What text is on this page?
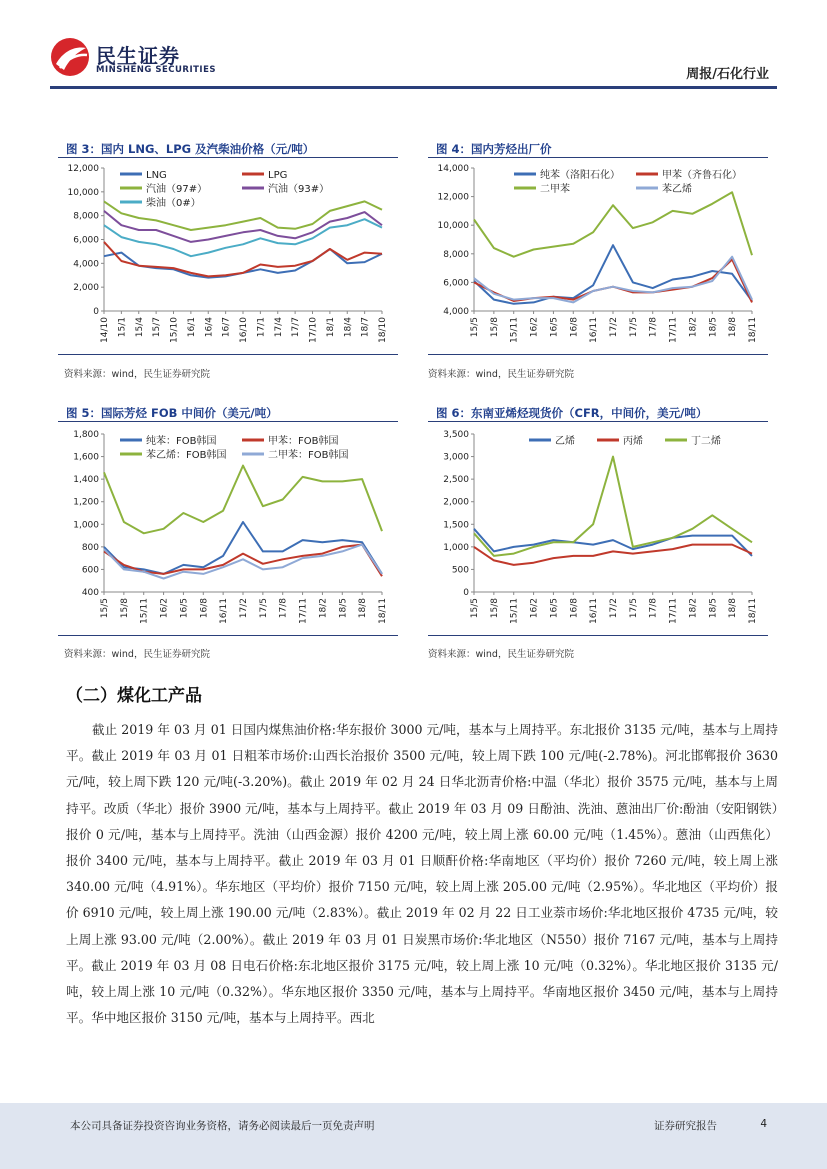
民生证券
MINSHENG SECURITIES	周报/石化行业
图 3：国内 LNG、LPG 及汽柴油价格（元/吨）
0
2,000
4,000
6,000
8,000
10,000
12,000
14/10 15/1 15/4 15/7 15/10 16/1 16/4 16/7 16/10 17/1 17/4 17/7 17/10 18/1 18/4 18/7 18/10
LNG	LPG
汽油（97#）	汽油（93#）
柴油（0#）
资料来源：wind，民生证券研究院
图 4：国内芳烃出厂价
4,000
6,000
8,000
10,000
12,000
14,000
15/5 15/8 15/11 16/2 16/5 16/8 16/11 17/2 17/5 17/8 17/11 18/2 18/5 18/8 18/11
纯苯（洛阳石化）	甲苯（齐鲁石化）
二甲苯	苯乙烯
资料来源：wind，民生证券研究院
图 5：国际芳烃 FOB 中间价（美元/吨）
400
600
800
1,000
1,200
1,400
1,600
1,800
15/5 15/8 15/11 16/2 16/5 16/8 16/11 17/2 17/5 17/8 17/11 18/2 18/5 18/8 18/11
纯苯：FOB韩国	甲苯：FOB韩国
苯乙烯：FOB韩国	二甲苯：FOB韩国
资料来源：wind，民生证券研究院
图 6：东南亚烯烃现货价（CFR，中间价，美元/吨）
0
500
1,000
1,500
2,000
2,500
3,000
3,500
15/5 15/8 15/11 16/2 16/5 16/8 16/11 17/2 17/5 17/8 17/11 18/2 18/5 18/8 18/11
乙烯	丙烯	丁二烯
资料来源：wind，民生证券研究院
（二）煤化工产品
截止 2019 年 03 月 01 日国内煤焦油价格:华东报价 3000 元/吨，基本与上周持平。东北报价 3135 元/吨，基本与上周持平。截止 2019 年 03 月 01 日粗苯市场价:山西长治报价 3500 元/吨，较上周下跌 100 元/吨(-2.78%)。河北邯郸报价 3630 元/吨，较上周下跌 120 元/吨(-3.20%)。截止 2019 年 02 月 24 日华北沥青价格:中温（华北）报价 3575 元/吨，基本与上周持平。改质（华北）报价 3900 元/吨，基本与上周持平。截止 2019 年 03 月 09 日酚油、洗油、蒽油出厂价:酚油（安阳钢铁）报价 0 元/吨，基本与上周持平。洗油（山西金源）报价 4200 元/吨，较上周上涨 60.00 元/吨（1.45%）。蒽油（山西焦化）报价 3400 元/吨，基本与上周持平。截止 2019 年 03 月 01 日顺酐价格:华南地区（平均价）报价 7260 元/吨，较上周上涨 340.00 元/吨（4.91%）。华东地区（平均价）报价 7150 元/吨，较上周上涨 205.00 元/吨（2.95%）。华北地区（平均价）报价 6910 元/吨，较上周上涨 190.00 元/吨（2.83%）。截止 2019 年 02 月 22 日工业萘市场价:华北地区报价 4735 元/吨，较上周上涨 93.00 元/吨（2.00%）。截止 2019 年 03 月 01 日炭黑市场价:华北地区（N550）报价 7167 元/吨，基本与上周持平。截止 2019 年 03 月 08 日电石价格:东北地区报价 3175 元/吨，较上周上涨 10 元/吨（0.32%）。华北地区报价 3135 元/吨，较上周上涨 10 元/吨（0.32%）。华东地区报价 3350 元/吨，基本与上周持平。华南地区报价 3450 元/吨，基本与上周持平。华中地区报价 3150 元/吨，基本与上周持平。西北
本公司具备证券投资咨询业务资格，请务必阅读最后一页免责声明	证券研究报告	4
